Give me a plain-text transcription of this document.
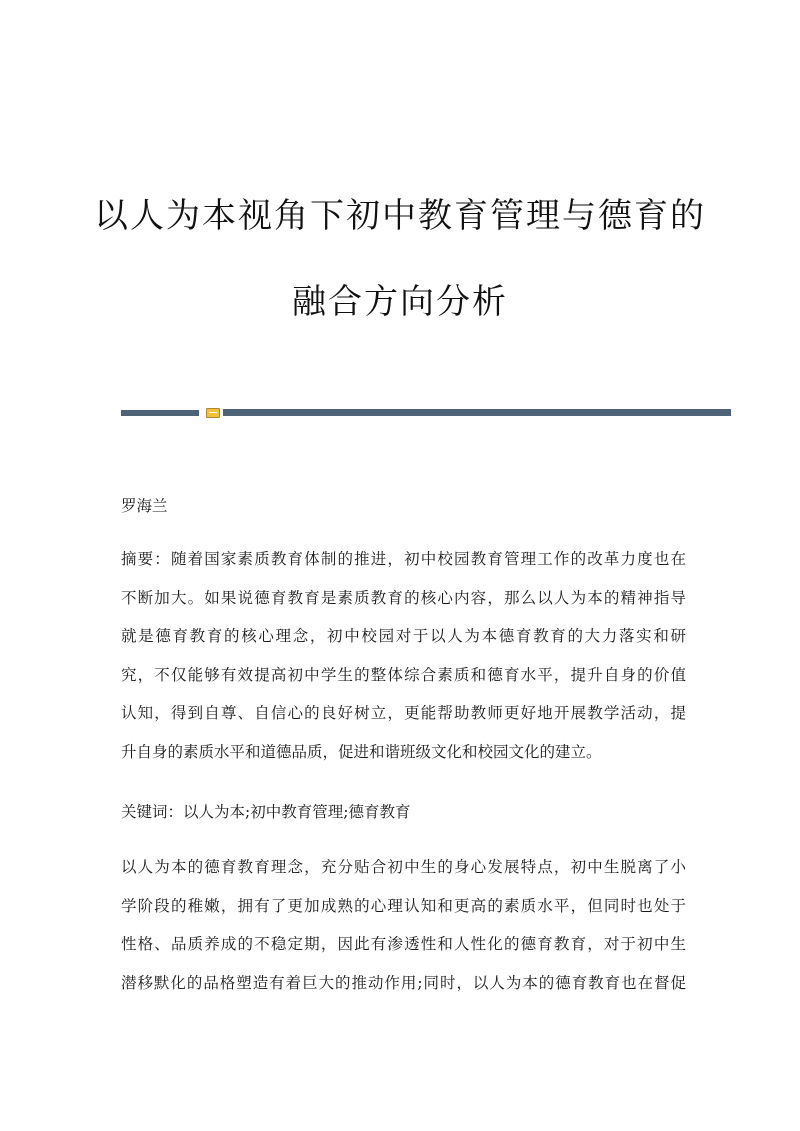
以人为本视角下初中教育管理与德育的
融合方向分析
罗海兰
摘要：随着国家素质教育体制的推进，初中校园教育管理工作的改革力度也在
不断加大。如果说德育教育是素质教育的核心内容，那么以人为本的精神指导
就是德育教育的核心理念，初中校园对于以人为本德育教育的大力落实和研
究，不仅能够有效提高初中学生的整体综合素质和德育水平，提升自身的价值
认知，得到自尊、自信心的良好树立，更能帮助教师更好地开展教学活动，提
升自身的素质水平和道德品质，促进和谐班级文化和校园文化的建立。
关键词：以人为本;初中教育管理;德育教育
以人为本的德育教育理念，充分贴合初中生的身心发展特点，初中生脱离了小
学阶段的稚嫩，拥有了更加成熟的心理认知和更高的素质水平，但同时也处于
性格、品质养成的不稳定期，因此有渗透性和人性化的德育教育，对于初中生
潜移默化的品格塑造有着巨大的推动作用;同时，以人为本的德育教育也在督促
